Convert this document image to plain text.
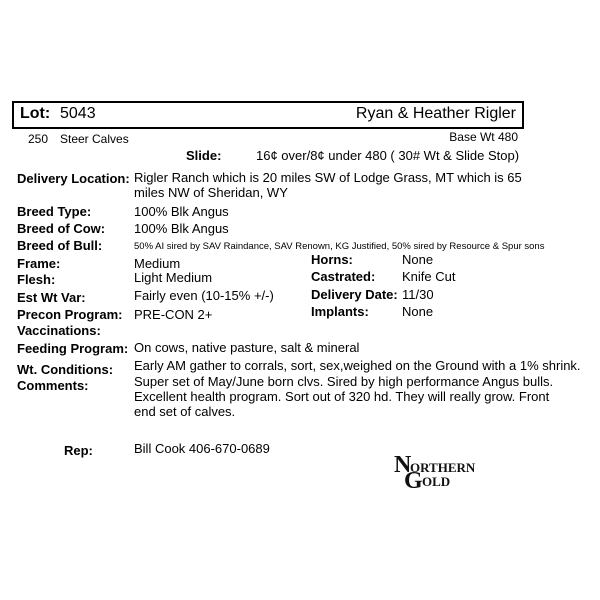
Lot: 5043	Ryan & Heather Rigler
250 Steer Calves	Base Wt 480
Slide:	16¢ over/8¢ under 480 ( 30# Wt & Slide Stop)
Delivery Location: Rigler Ranch which is 20 miles SW of Lodge Grass, MT which is 65 miles NW of Sheridan, WY
Breed Type:	100% Blk Angus
Breed of Cow: 100% Blk Angus
Breed of Bull:	50% AI sired by SAV Raindance, SAV Renown, KG Justified, 50% sired by Resource & Spur sons
Frame:	Medium	Horns:	None
Flesh:	Light Medium	Castrated: Knife Cut
Est Wt Var:	Fairly even (10-15% +/-)	Delivery Date: 11/30
Precon Program: PRE-CON 2+	Implants:	None
Vaccinations:
Feeding Program: On cows, native pasture, salt & mineral
Wt. Conditions: Early AM gather to corrals, sort, sex,weighed on the Ground with a 1% shrink.
Comments:	Super set of May/June born clvs. Sired by high performance Angus bulls. Excellent health program. Sort out of 320 hd. They will really grow. Front end set of calves.
Rep:	Bill Cook 406-670-0689
N
ORTHERN
G OLD
